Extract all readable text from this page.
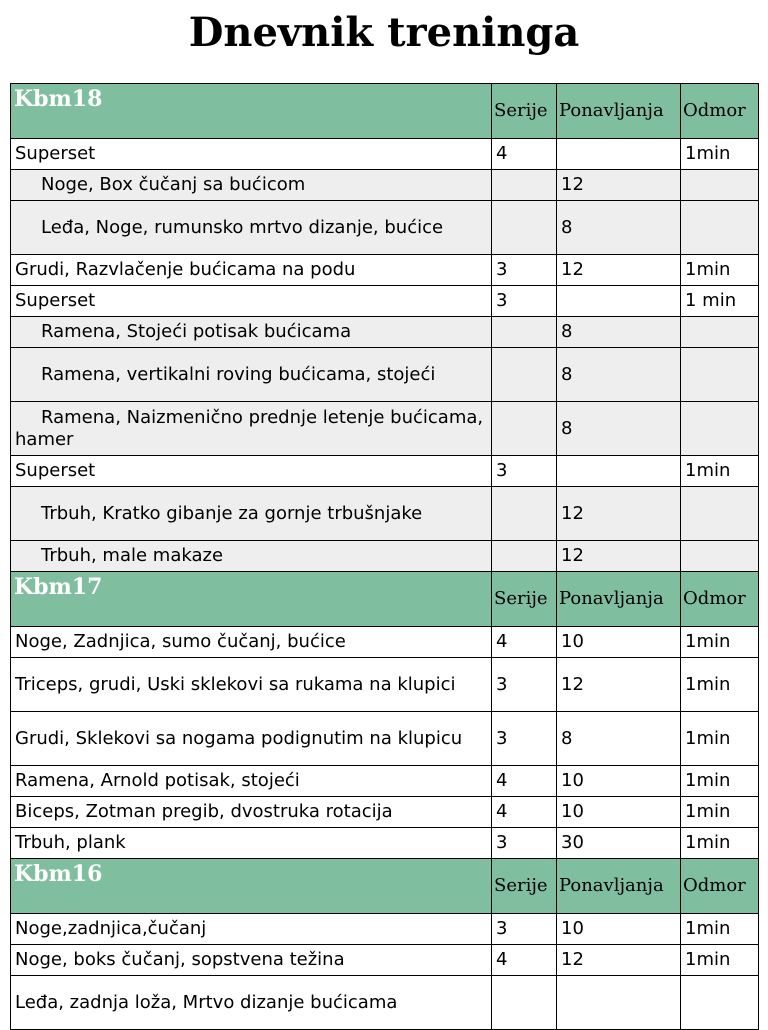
Dnevnik treninga
Kbm18	Serije	Ponavljanja	Odmor
Superset	4		1min
Noge, Box čučanj sa bućicom		12	
Leđa, Noge, rumunsko mrtvo dizanje, bućice		8	
Grudi, Razvlačenje bućicama na podu	3	12	1min
Superset	3		1 min
Ramena, Stojeći potisak bućicama		8	
Ramena, vertikalni roving bućicama, stojeći		8	
Ramena, Naizmenično prednje letenje bućicama, hamer		8	
Superset	3		1min
Trbuh, Kratko gibanje za gornje trbušnjake		12	
Trbuh, male makaze		12	
Kbm17	Serije	Ponavljanja	Odmor
Noge, Zadnjica, sumo čučanj, bućice	4	10	1min
Triceps, grudi, Uski sklekovi sa rukama na klupici	3	12	1min
Grudi, Sklekovi sa nogama podignutim na klupicu	3	8	1min
Ramena, Arnold potisak, stojeći	4	10	1min
Biceps, Zotman pregib, dvostruka rotacija	4	10	1min
Trbuh, plank	3	30	1min
Kbm16	Serije	Ponavljanja	Odmor
Noge,zadnjica,čučanj	3	10	1min
Noge, boks čučanj, sopstvena težina	4	12	1min
Leđa, zadnja loža, Mrtvo dizanje bućicama			
